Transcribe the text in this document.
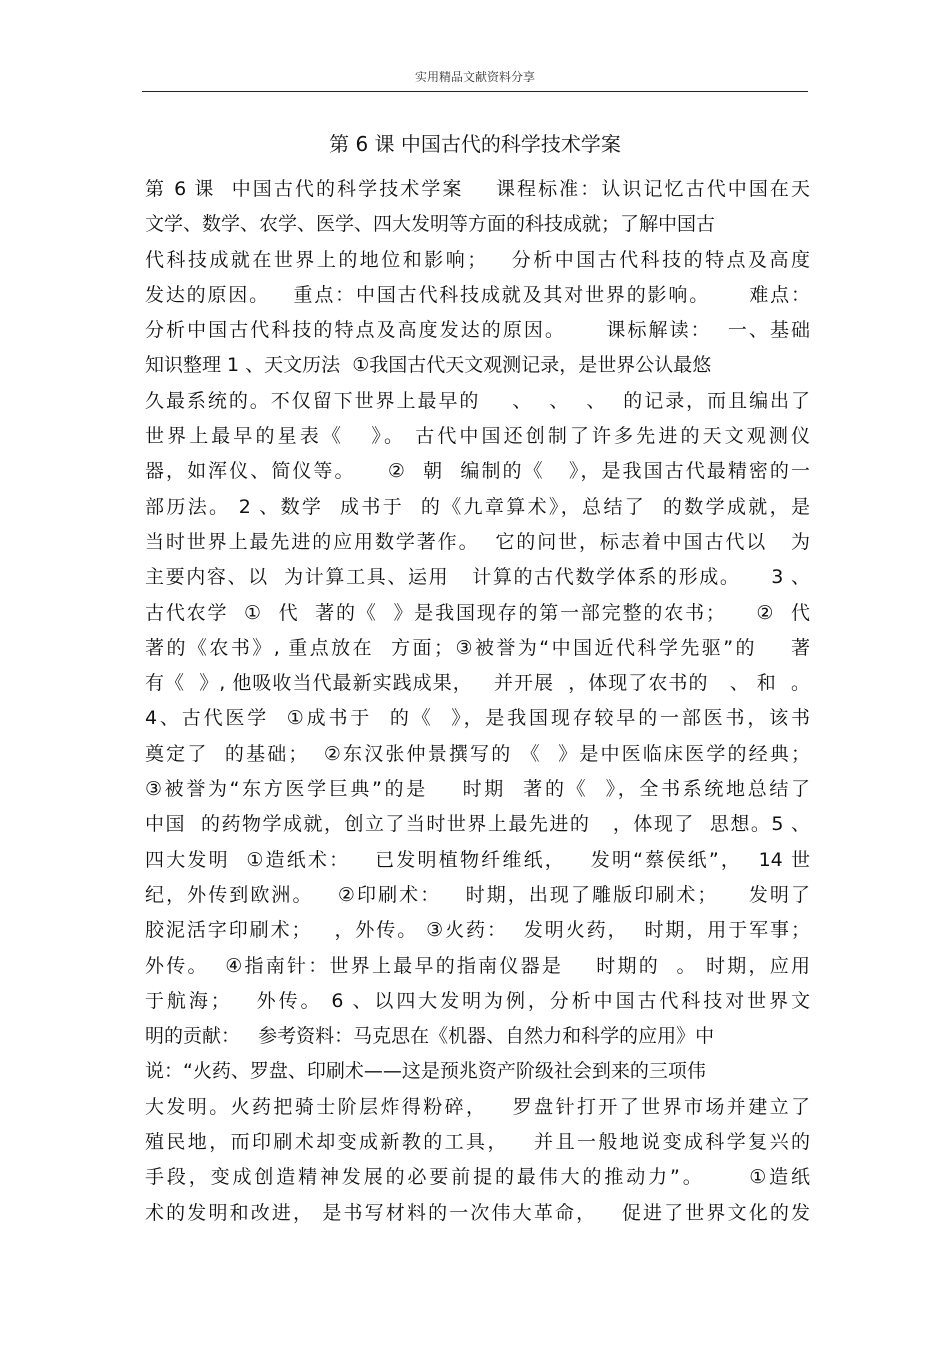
实用精品文献资料分享
第 6 课 中国古代的科学技术学案
第 6 课  中国古代的科学技术学案    课程标准：认识记忆古代中国在天
文学、数学、农学、医学、四大发明等方面的科技成就；了解中国古
代科技成就在世界上的地位和影响；   分析中国古代科技的特点及高度
发达的原因。   重点：中国古代科技成就及其对世界的影响。     难点：
分析中国古代科技的特点及高度发达的原因。     课标解读：  一、基础
知识整理 1 、天文历法  ①我国古代天文观测记录，是世界公认最悠
久最系统的。不仅留下世界上最早的    、  、  、  的记录，而且编出了
世界上最早的星表《   》。 古代中国还创制了许多先进的天文观测仪
器，如浑仪、简仪等。    ②  朝  编制的《   》，是我国古代最精密的一
部历法。 2 、数学  成书于  的《九章算术》，总结了  的数学成就，是
当时世界上最先进的应用数学著作。  它的问世，标志着中国古代以   为
主要内容、以  为计算工具、运用   计算的古代数学体系的形成。    3 、
古代农学  ①  代  著的《  》是我国现存的第一部完整的农书；    ②  代
著的《农书》, 重点放在  方面；③被誉为“中国近代科学先驱”的    著
有《  》, 他吸收当代最新实践成果，   并开展  ，体现了农书的   、 和  。
4、古代医学  ①成书于  的《  》，是我国现存较早的一部医书，该书
奠定了  的基础；  ②东汉张仲景撰写的 《  》是中医临床医学的经典；
③被誉为“东方医学巨典”的是    时期  著的《  》，全书系统地总结了
中国  的药物学成就，创立了当时世界上最先进的   ，体现了  思想。5 、
四大发明  ①造纸术：   已发明植物纤维纸，   发明“蔡侯纸”，  14 世
纪，外传到欧洲。   ②印刷术：   时期，出现了雕版印刷术；    发明了
胶泥活字印刷术；   ，外传。 ③火药：  发明火药，  时期，用于军事；
外传。  ④指南针：世界上最早的指南仪器是    时期的  。 时期，应用
于航海；   外传。 6 、以四大发明为例，分析中国古代科技对世界文
明的贡献：   参考资料：马克思在《机器、自然力和科学的应用》中
说：“火药、罗盘、印刷术——这是预兆资产阶级社会到来的三项伟
大发明。火药把骑士阶层炸得粉碎，   罗盘针打开了世界市场并建立了
殖民地，而印刷术却变成新教的工具，   并且一般地说变成科学复兴的
手段，变成创造精神发展的必要前提的最伟大的推动力”。     ①造纸
术的发明和改进， 是书写材料的一次伟大革命，   促进了世界文化的发
